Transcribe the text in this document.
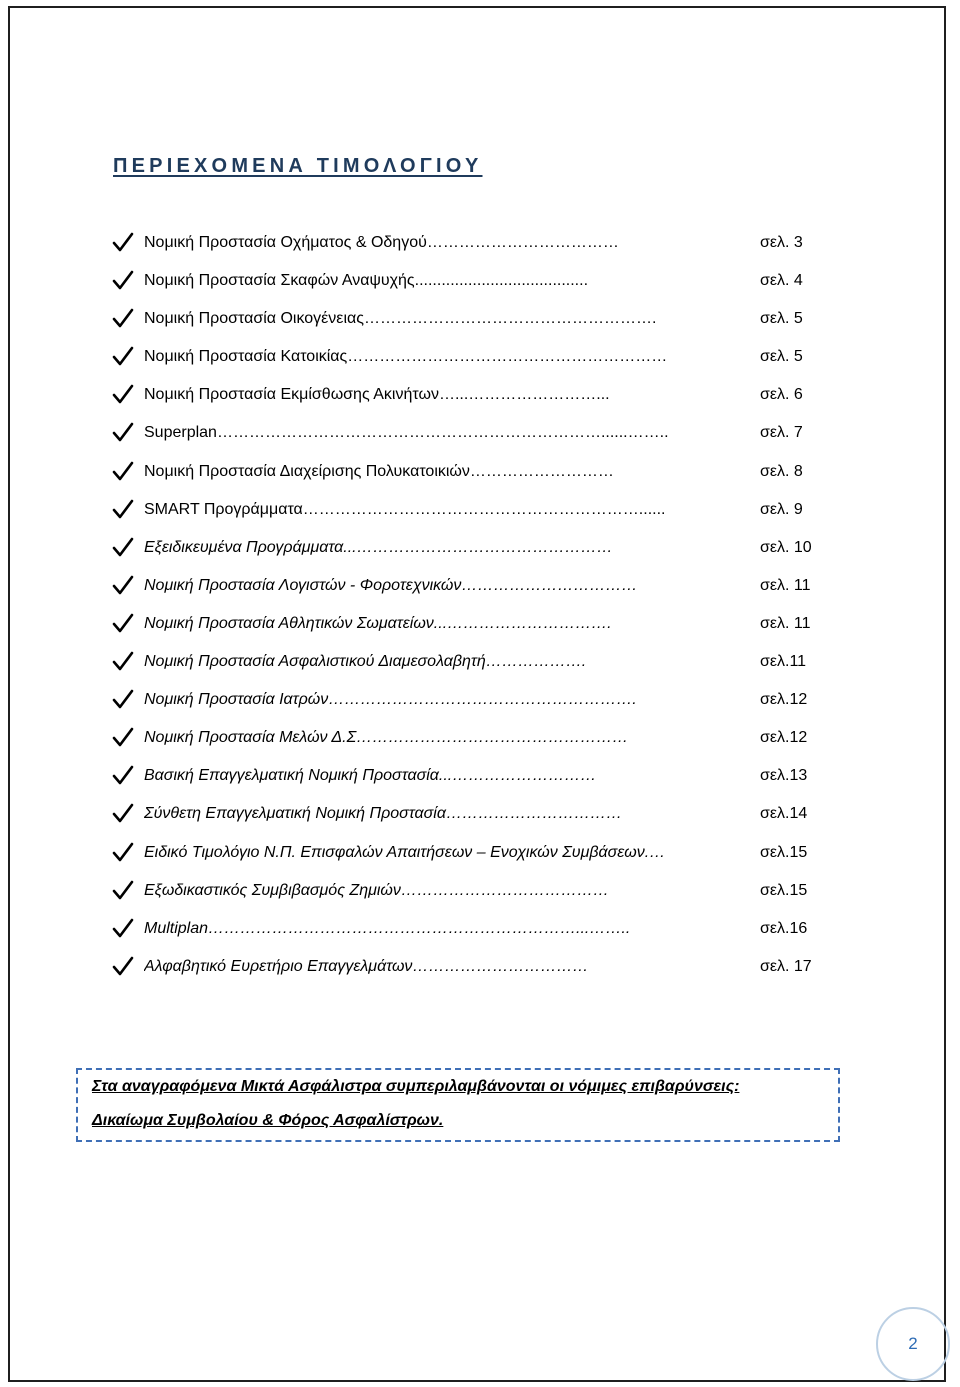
ΠΕΡΙΕΧΟΜΕΝΑ ΤΙΜΟΛΟΓΙΟΥ
Νομική Προστασία Οχήματος & Οδηγού………………………………	σελ. 3
Νομική Προστασία Σκαφών Αναψυχής.......................................	σελ. 4
Νομική Προστασία Οικογένειας……………………………………………….	σελ. 5
Νομική Προστασία Κατοικίας……………………………………………………	σελ. 5
Νομική Προστασία Εκμίσθωσης Ακινήτων…...……………………...	σελ. 6
Superplan………………………………………………………………......……..	σελ. 7
Νομική Προστασία Διαχείρισης Πολυκατοικιών………………………	σελ. 8
SMART Προγράμματα………………………………………………………......	σελ. 9
Εξειδικευμένα Προγράμματα...…………………………………………	σελ. 10
Νομική Προστασία Λογιστών - Φοροτεχνικών……………………………	σελ. 11
Νομική Προστασία Αθλητικών Σωματείων...………………………….	σελ. 11
Νομική Προστασία Ασφαλιστικού Διαμεσολαβητή……………….	σελ.11
Νομική Προστασία Ιατρών………………………………………………….	σελ.12
Νομική Προστασία Μελών Δ.Σ……………………………………………	σελ.12
Βασική Επαγγελματική Νομική Προστασία...………………………	σελ.13
Σύνθετη Επαγγελματική Νομική Προστασία……………………………	σελ.14
Ειδικό Τιμολόγιο Ν.Π. Επισφαλών Απαιτήσεων – Ενοχικών Συμβάσεων.…	σελ.15
Εξωδικαστικός Συμβιβασμός Ζημιών…………………………………	σελ.15
Multiplan……………………………………………………………...……..	σελ.16
Αλφαβητικό Ευρετήριο Επαγγελμάτων……………………………	σελ. 17
Στα αναγραφόμενα Μικτά Ασφάλιστρα συμπεριλαμβάνονται οι νόμιμες επιβαρύνσεις:
Δικαίωμα Συμβολαίου & Φόρος Ασφαλίστρων.
2
